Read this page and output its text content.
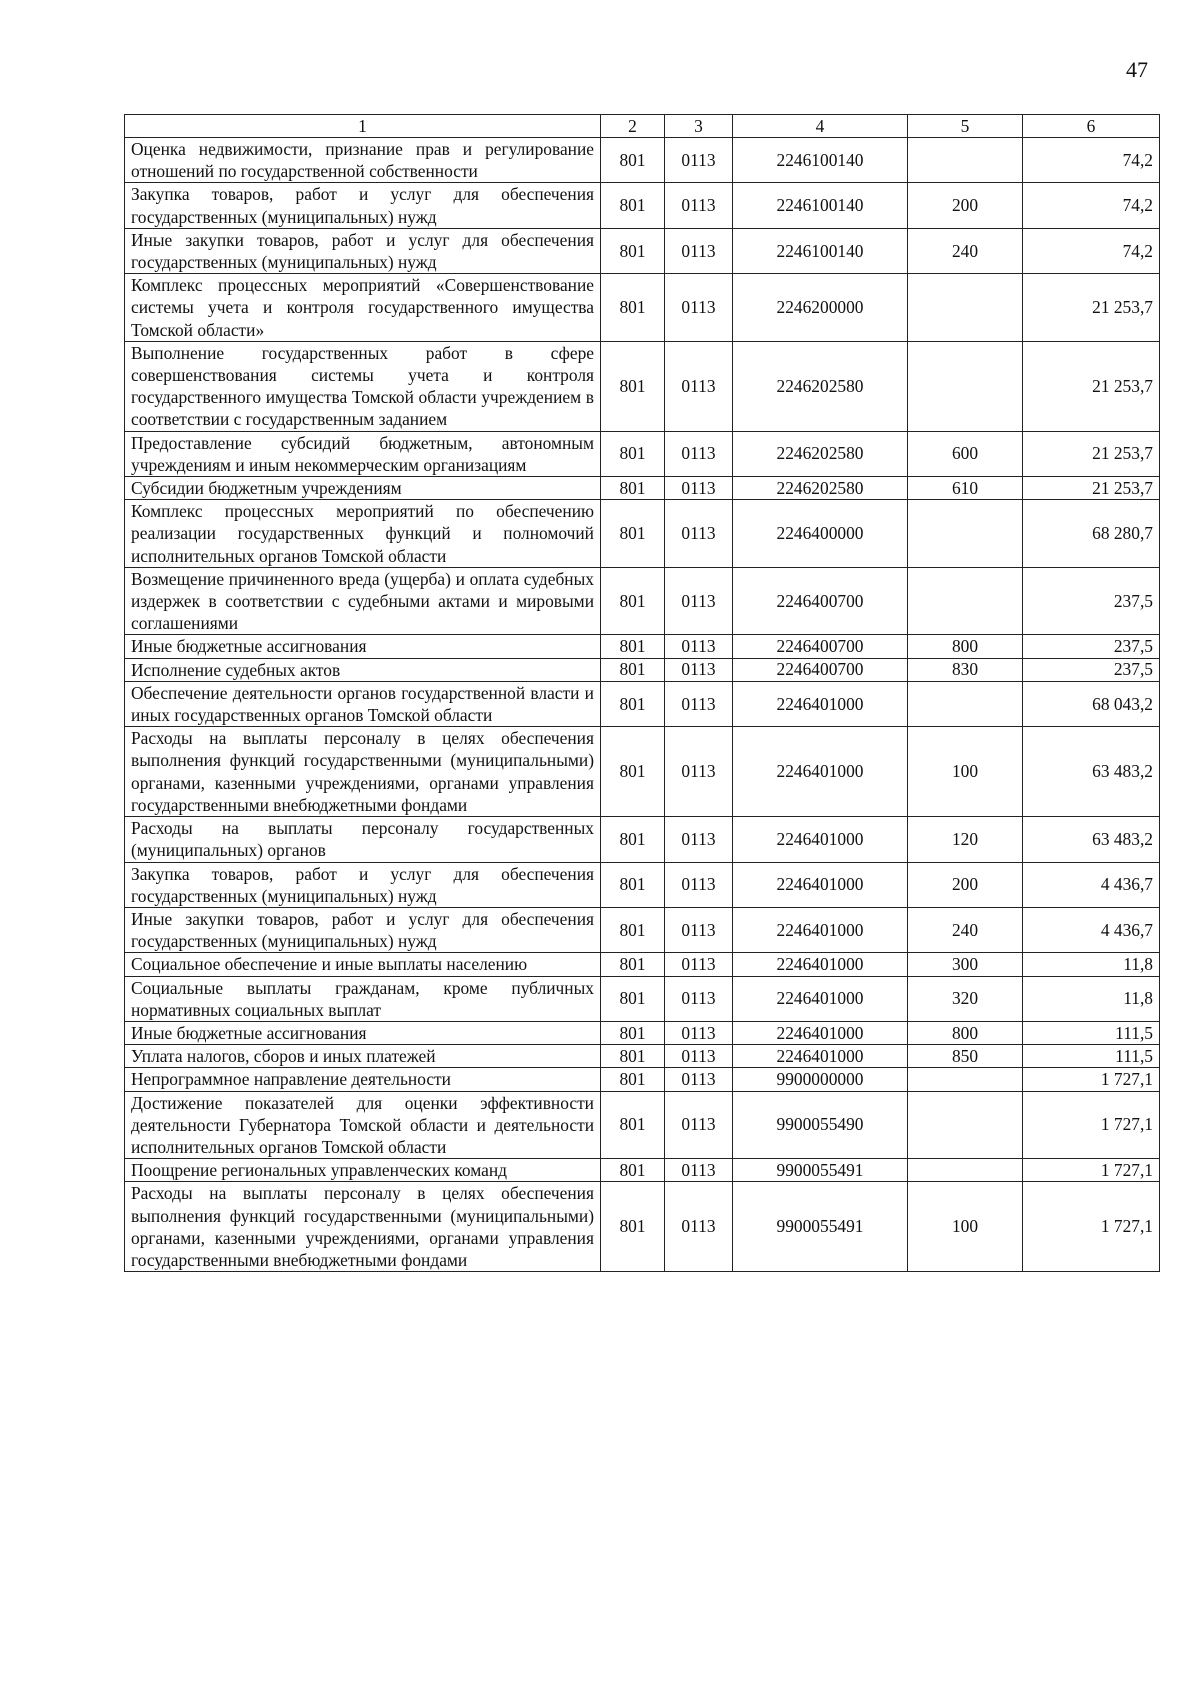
47
1	2	3	4	5	6
Оценка недвижимости, признание прав и регулирование отношений по государственной собственности	801	0113	2246100140		74,2
Закупка товаров, работ и услуг для обеспечения государственных (муниципальных) нужд	801	0113	2246100140	200	74,2
Иные закупки товаров, работ и услуг для обеспечения государственных (муниципальных) нужд	801	0113	2246100140	240	74,2
Комплекс процессных мероприятий «Совершенствование системы учета и контроля государственного имущества Томской области»	801	0113	2246200000		21 253,7
Выполнение государственных работ в сфере совершенствования системы учета и контроля государственного имущества Томской области учреждением в соответствии с государственным заданием	801	0113	2246202580		21 253,7
Предоставление субсидий бюджетным, автономным учреждениям и иным некоммерческим организациям	801	0113	2246202580	600	21 253,7
Субсидии бюджетным учреждениям	801	0113	2246202580	610	21 253,7
Комплекс процессных мероприятий по обеспечению реализации государственных функций и полномочий исполнительных органов Томской области	801	0113	2246400000		68 280,7
Возмещение причиненного вреда (ущерба) и оплата судебных издержек в соответствии с судебными актами и мировыми соглашениями	801	0113	2246400700		237,5
Иные бюджетные ассигнования	801	0113	2246400700	800	237,5
Исполнение судебных актов	801	0113	2246400700	830	237,5
Обеспечение деятельности органов государственной власти и иных государственных органов Томской области	801	0113	2246401000		68 043,2
Расходы на выплаты персоналу в целях обеспечения выполнения функций государственными (муниципальными) органами, казенными учреждениями, органами управления государственными внебюджетными фондами	801	0113	2246401000	100	63 483,2
Расходы на выплаты персоналу государственных (муниципальных) органов	801	0113	2246401000	120	63 483,2
Закупка товаров, работ и услуг для обеспечения государственных (муниципальных) нужд	801	0113	2246401000	200	4 436,7
Иные закупки товаров, работ и услуг для обеспечения государственных (муниципальных) нужд	801	0113	2246401000	240	4 436,7
Социальное обеспечение и иные выплаты населению	801	0113	2246401000	300	11,8
Социальные выплаты гражданам, кроме публичных нормативных социальных выплат	801	0113	2246401000	320	11,8
Иные бюджетные ассигнования	801	0113	2246401000	800	111,5
Уплата налогов, сборов и иных платежей	801	0113	2246401000	850	111,5
Непрограммное направление деятельности	801	0113	9900000000		1 727,1
Достижение показателей для оценки эффективности деятельности Губернатора Томской области и деятельности исполнительных органов Томской области	801	0113	9900055490		1 727,1
Поощрение региональных управленческих команд	801	0113	9900055491		1 727,1
Расходы на выплаты персоналу в целях обеспечения выполнения функций государственными (муниципальными) органами, казенными учреждениями, органами управления государственными внебюджетными фондами	801	0113	9900055491	100	1 727,1
